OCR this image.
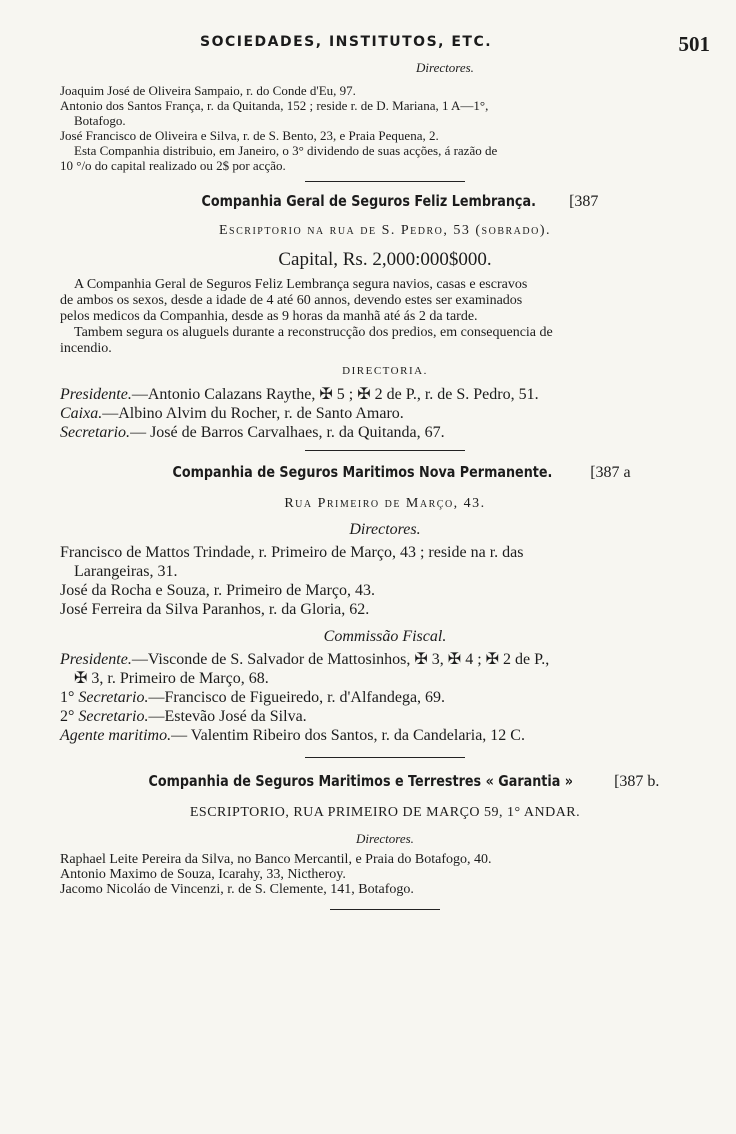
SOCIEDADES, INSTITUTOS, ETC.	501

Directores.

Joaquim José de Oliveira Sampaio, r. do Conde d'Eu, 97.

Antonio dos Santos França, r. da Quitanda, 152 ; reside r. de D. Mariana, 1 A—1°,

Botafogo.

José Francisco de Oliveira e Silva, r. de S. Bento, 23, e Praia Pequena, 2.

Esta Companhia distribuio, em Janeiro, o 3° dividendo de suas acções, á razão de

10 °/o do capital realizado ou 2$ por acção.

Companhia Geral de Seguros Feliz Lembrança. [387

Escriptorio na rua de S. Pedro, 53 (sobrado).

Capital, Rs. 2,000:000$000.

A Companhia Geral de Seguros Feliz Lembrança segura navios, casas e escravos

de ambos os sexos, desde a idade de 4 até 60 annos, devendo estes ser examinados

pelos medicos da Companhia, desde as 9 horas da manhã até ás 2 da tarde.

Tambem segura os aluguels durante a reconstrucção dos predios, em consequencia de

incendio.

DIRECTORIA.

Presidente.—Antonio Calazans Raythe, ✠ 5 ; ✠ 2 de P., r. de S. Pedro, 51.

Caixa.—Albino Alvim du Rocher, r. de Santo Amaro.

Secretario.— José de Barros Carvalhaes, r. da Quitanda, 67.

Companhia de Seguros Maritimos Nova Permanente. [387 a

Rua Primeiro de Março, 43.

Directores.

Francisco de Mattos Trindade, r. Primeiro de Março, 43 ; reside na r. das

Larangeiras, 31.

José da Rocha e Souza, r. Primeiro de Março, 43.

José Ferreira da Silva Paranhos, r. da Gloria, 62.

Commissão Fiscal.

Presidente.—Visconde de S. Salvador de Mattosinhos, ✠ 3, ✠ 4 ; ✠ 2 de P.,

✠ 3, r. Primeiro de Março, 68.

1° Secretario.—Francisco de Figueiredo, r. d'Alfandega, 69.

2° Secretario.—Estevão José da Silva.

Agente maritimo.— Valentim Ribeiro dos Santos, r. da Candelaria, 12 C.

Companhia de Seguros Maritimos e Terrestres « Garantia »	[387 b.

ESCRIPTORIO, RUA PRIMEIRO DE MARÇO 59, 1° ANDAR.

Directores.

Raphael Leite Pereira da Silva, no Banco Mercantil, e Praia do Botafogo, 40.

Antonio Maximo de Souza, Icarahy, 33, Nictheroy.

Jacomo Nicoláo de Vincenzi, r. de S. Clemente, 141, Botafogo.
